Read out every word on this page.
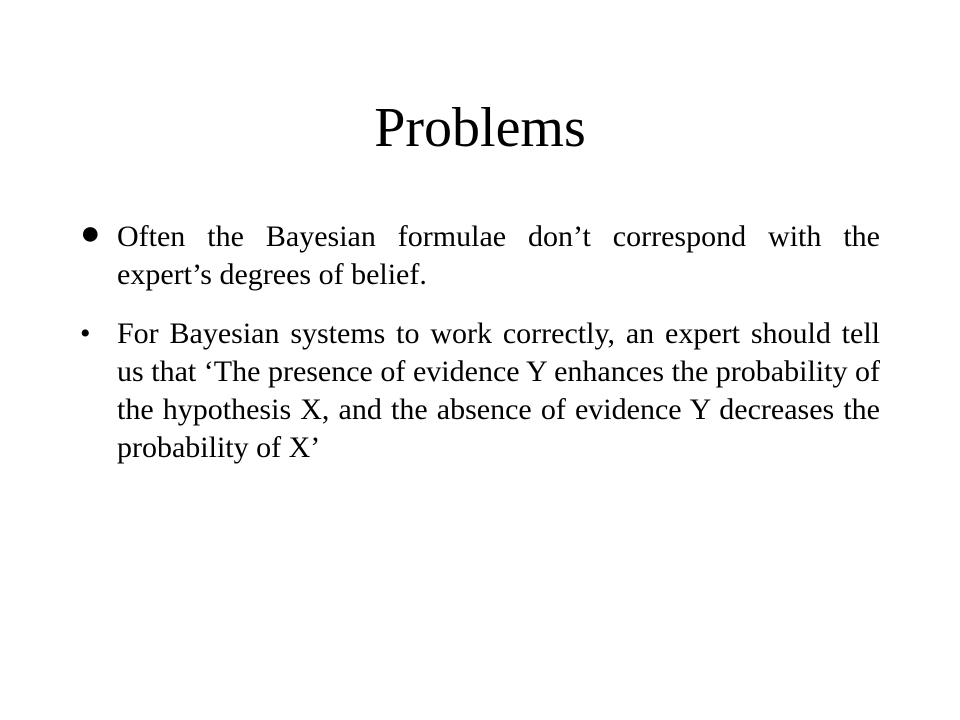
Problems
● Often the Bayesian formulae don’t correspond with the expert’s degrees of belief.
• For Bayesian systems to work correctly, an expert should tell us that ‘The presence of evidence Y enhances the probability of the hypothesis X, and the absence of evidence Y decreases the probability of X’
